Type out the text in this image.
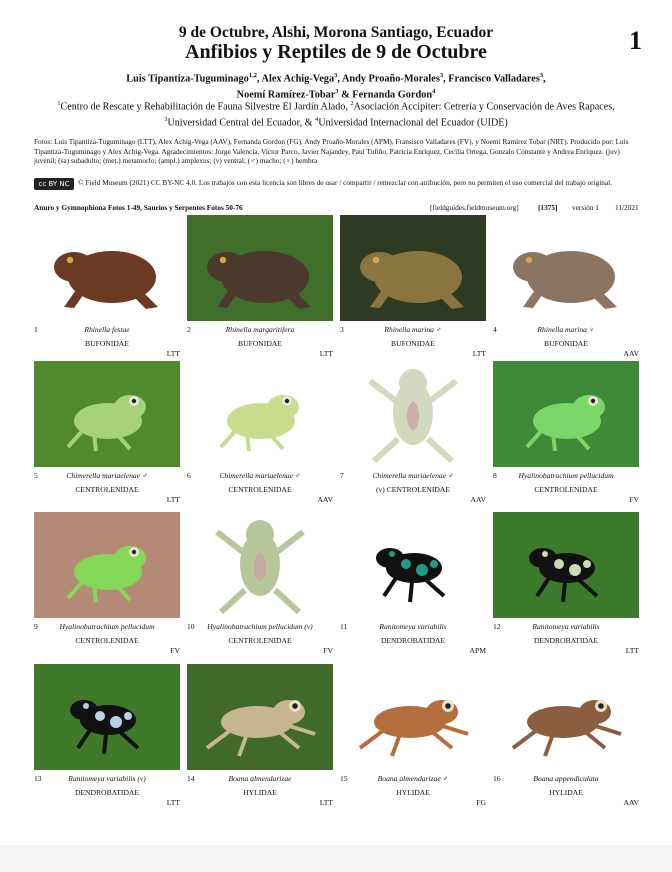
1
9 de Octubre, Alshi, Morona Santiago, Ecuador
Anfibios y Reptiles de 9 de Octubre
Luis Tipantiza-Tuguminago$^{1,2}$, Alex Achig-Vega$^3$, Andy Proaño-Morales$^3$, Francisco Valladares$^3$,
Noemí Ramírez-Tobar$^3$ & Fernanda Gordon$^4$
$^1$Centro de Rescate y Rehabilitación de Fauna Silvestre El Jardín Alado, $^2$Asociación Accipiter: Cetrería y Conservación de Aves Rapaces, $^3$Universidad Central del Ecuador, & $^4$Universidad Internacional del Ecuador (UIDE)
Fotos: Luis Tipantiza-Tuguminago (LTT), Alex Achig-Vega (AAV), Fernanda Gordon (FG), Andy Proaño-Morales (APM), Fransisco Valladares (FV), y Noemí Ramírez Tobar (NRT). Producido por: Luis Tipantiza-Tuguminago y Alex Achig-Vega. Agradecimientos: Jorge Valencia, Victor Parco, Javier Najandey, Paul Tufiño, Patricia Enríquez, Cecilia Ortega, Gonzalo Constante y Andrea Enríquez. (juv) juvenil; (sa) subadulto; (met.) metamorfo; (ampl.) amplexus; (v) ventral; (♂) macho; (♀) hembra
cc BY NC © Field Museum (2021) CC BY-NC 4.0. Los trabajos con esta licencia son libres de usar / compartir / remezclar con atribución, pero no permiten el uso comercial del trabajo original.
Anuro y Gymnophiona Fotos 1-49, Saurios y Serpentes Fotos 50-76	[fieldguides.fieldmuseum.org]	[1375] versión 1 11/2021
1	Rhinella festae
BUFONIDAE
LTT
2	Rhinella margaritifera
BUFONIDAE
LTT
3	Rhinella marina ♂
BUFONIDAE
LTT
4	Rhinella marina ♀
BUFONIDAE
AAV
5	Chimerella mariaelenae ♂
CENTROLENIDAE
LTT
6	Chimerella mariaelenae ♂
CENTROLENIDAE
AAV
7	Chimerella mariaelenae ♂
(v) CENTROLENIDAE
AAV
8	Hyalinobatrachium pellucidum
CENTROLENIDAE
FV
9	Hyalinobatrachium pellucidum
CENTROLENIDAE
FV
10	Hyalinobatrachium pellucidum (v)
CENTROLENIDAE
FV
11	Ranitomeya variabilis
DENDROBATIDAE
APM
12	Ranitomeya variabilis
DENDROBATIDAE
LTT
13	Ranitomeya variabilis (v)
DENDROBATIDAE
LTT
14	Boana almendarizae
HYLIDAE
LTT
15	Boana almendarizae ♂
HYLIDAE
FG
16	Boana appendiculata
HYLIDAE
AAV
